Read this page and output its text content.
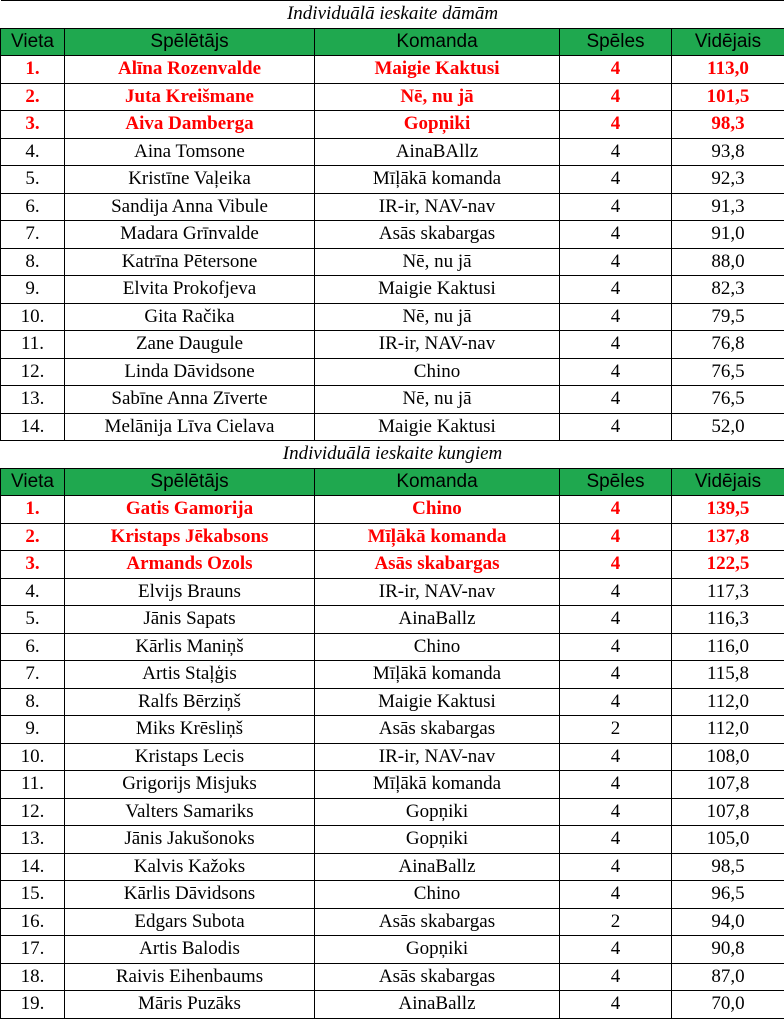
Individuālā ieskaite dāmām				
Vieta	Spēlētājs	Komanda	Spēles	Vidējais
1.	Alīna Rozenvalde	Maigie Kaktusi	4	113,0
2.	Juta Kreišmane	Nē, nu jā	4	101,5
3.	Aiva Damberga	Gopņiki	4	98,3
4.	Aina Tomsone	AinaBAllz	4	93,8
5.	Kristīne Vaļeika	Mīļākā komanda	4	92,3
6.	Sandija Anna Vibule	IR-ir, NAV-nav	4	91,3
7.	Madara Grīnvalde	Asās skabargas	4	91,0
8.	Katrīna Pētersone	Nē, nu jā	4	88,0
9.	Elvita Prokofjeva	Maigie Kaktusi	4	82,3
10.	Gita Račika	Nē, nu jā	4	79,5
11.	Zane Daugule	IR-ir, NAV-nav	4	76,8
12.	Linda Dāvidsone	Chino	4	76,5
13.	Sabīne Anna Zīverte	Nē, nu jā	4	76,5
14.	Melānija Līva Cielava	Maigie Kaktusi	4	52,0
Individuālā ieskaite kungiem				
Vieta	Spēlētājs	Komanda	Spēles	Vidējais
1.	Gatis Gamorija	Chino	4	139,5
2.	Kristaps Jēkabsons	Mīļākā komanda	4	137,8
3.	Armands Ozols	Asās skabargas	4	122,5
4.	Elvijs Brauns	IR-ir, NAV-nav	4	117,3
5.	Jānis Sapats	AinaBallz	4	116,3
6.	Kārlis Maniņš	Chino	4	116,0
7.	Artis Staļģis	Mīļākā komanda	4	115,8
8.	Ralfs Bērziņš	Maigie Kaktusi	4	112,0
9.	Miks Krēsliņš	Asās skabargas	2	112,0
10.	Kristaps Lecis	IR-ir, NAV-nav	4	108,0
11.	Grigorijs Misjuks	Mīļākā komanda	4	107,8
12.	Valters Samariks	Gopņiki	4	107,8
13.	Jānis Jakušonoks	Gopņiki	4	105,0
14.	Kalvis Kažoks	AinaBallz	4	98,5
15.	Kārlis Dāvidsons	Chino	4	96,5
16.	Edgars Subota	Asās skabargas	2	94,0
17.	Artis Balodis	Gopņiki	4	90,8
18.	Raivis Eihenbaums	Asās skabargas	4	87,0
19.	Māris Puzāks	AinaBallz	4	70,0
